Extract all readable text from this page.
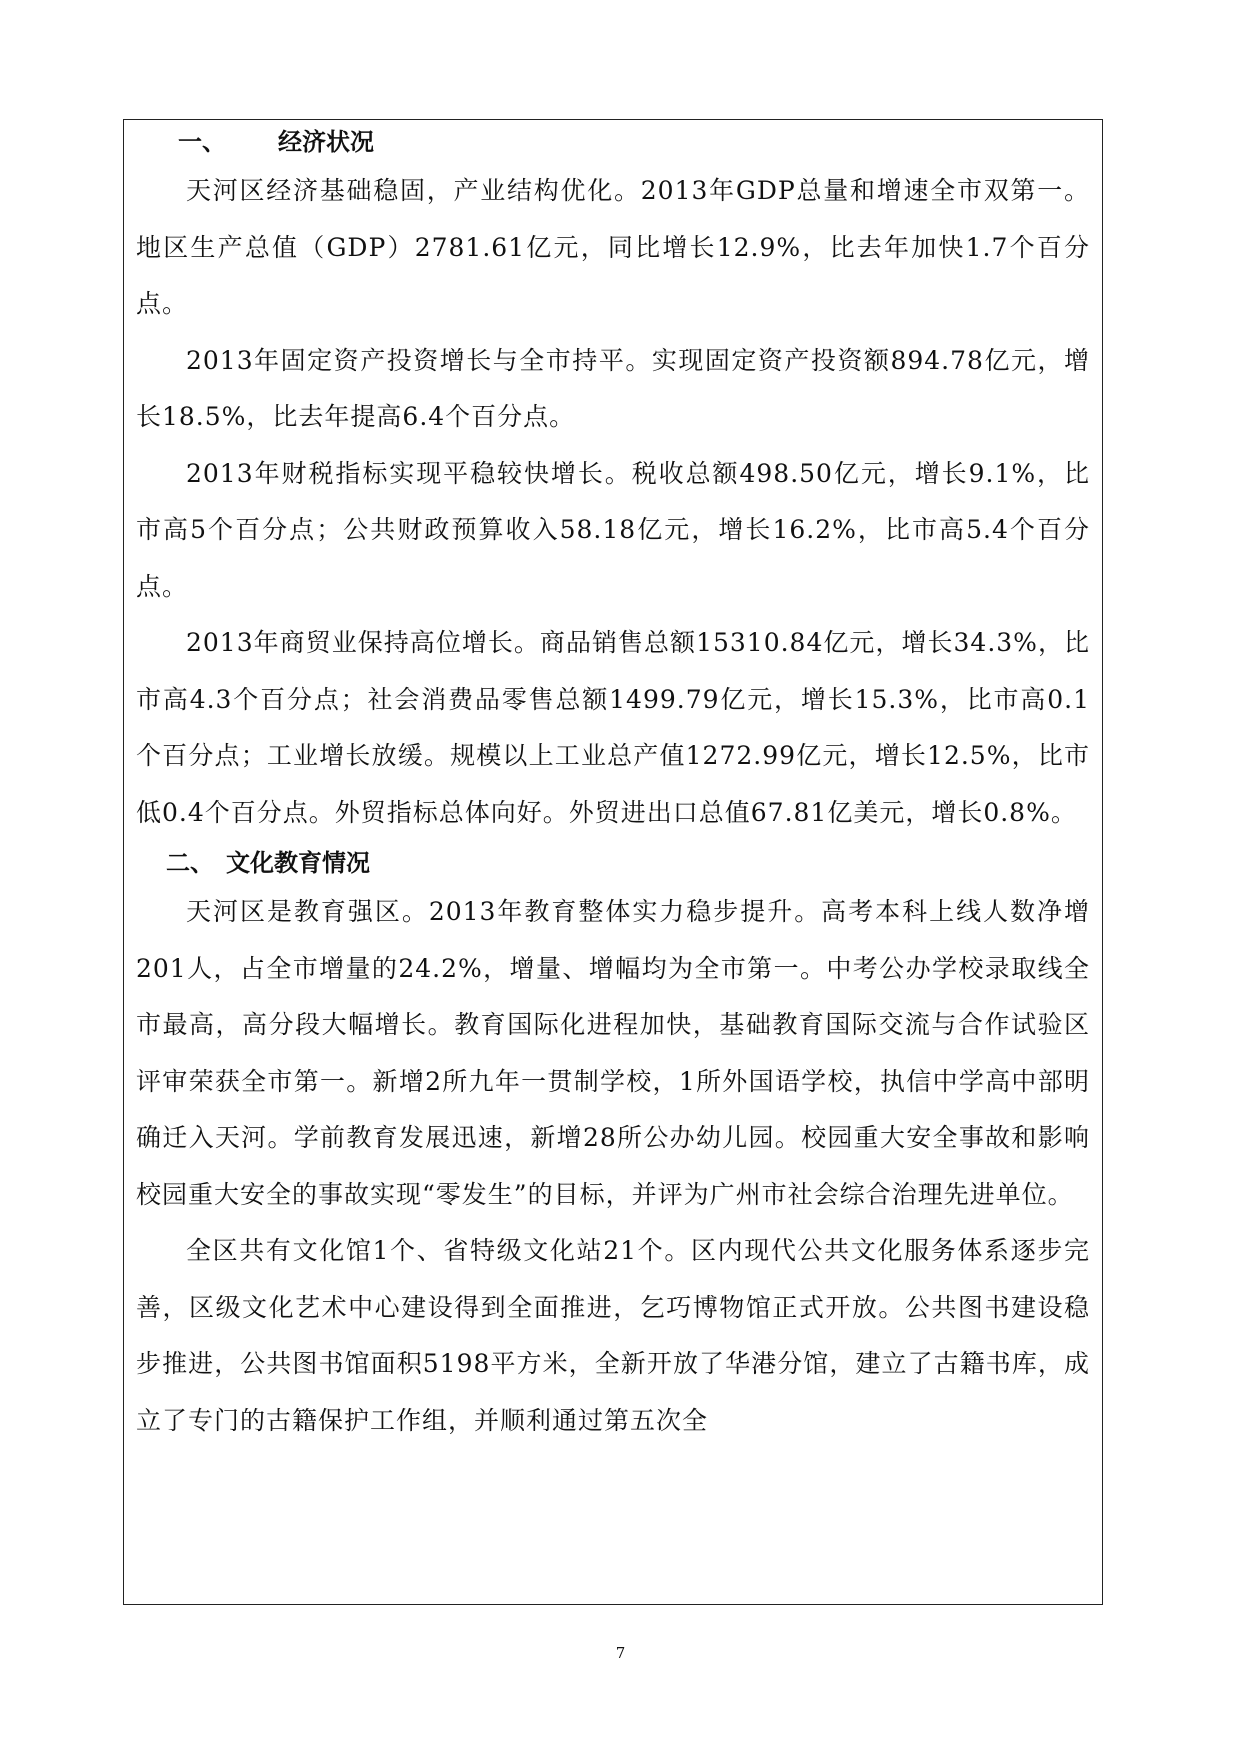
一、 经济状况

天河区经济基础稳固，产业结构优化。2013年GDP总量和增速全市双第一。地区生产总值（GDP）2781.61亿元，同比增长12.9%，比去年加快1.7个百分点。

2013年固定资产投资增长与全市持平。实现固定资产投资额894.78亿元，增长18.5%，比去年提高6.4个百分点。

2013年财税指标实现平稳较快增长。税收总额498.50亿元，增长9.1%，比市高5个百分点；公共财政预算收入58.18亿元，增长16.2%，比市高5.4个百分点。

2013年商贸业保持高位增长。商品销售总额15310.84亿元，增长34.3%，比市高4.3个百分点；社会消费品零售总额1499.79亿元，增长15.3%，比市高0.1个百分点；工业增长放缓。规模以上工业总产值1272.99亿元，增长12.5%，比市低0.4个百分点。外贸指标总体向好。外贸进出口总值67.81亿美元，增长0.8%。

二、 文化教育情况

天河区是教育强区。2013年教育整体实力稳步提升。高考本科上线人数净增201人，占全市增量的24.2%，增量、增幅均为全市第一。中考公办学校录取线全市最高，高分段大幅增长。教育国际化进程加快，基础教育国际交流与合作试验区评审荣获全市第一。新增2所九年一贯制学校，1所外国语学校，执信中学高中部明确迁入天河。学前教育发展迅速，新增28所公办幼儿园。校园重大安全事故和影响校园重大安全的事故实现“零发生”的目标，并评为广州市社会综合治理先进单位。

全区共有文化馆1个、省特级文化站21个。区内现代公共文化服务体系逐步完善，区级文化艺术中心建设得到全面推进，乞巧博物馆正式开放。公共图书建设稳步推进，公共图书馆面积5198平方米，全新开放了华港分馆，建立了古籍书库，成立了专门的古籍保护工作组，并顺利通过第五次全

7
